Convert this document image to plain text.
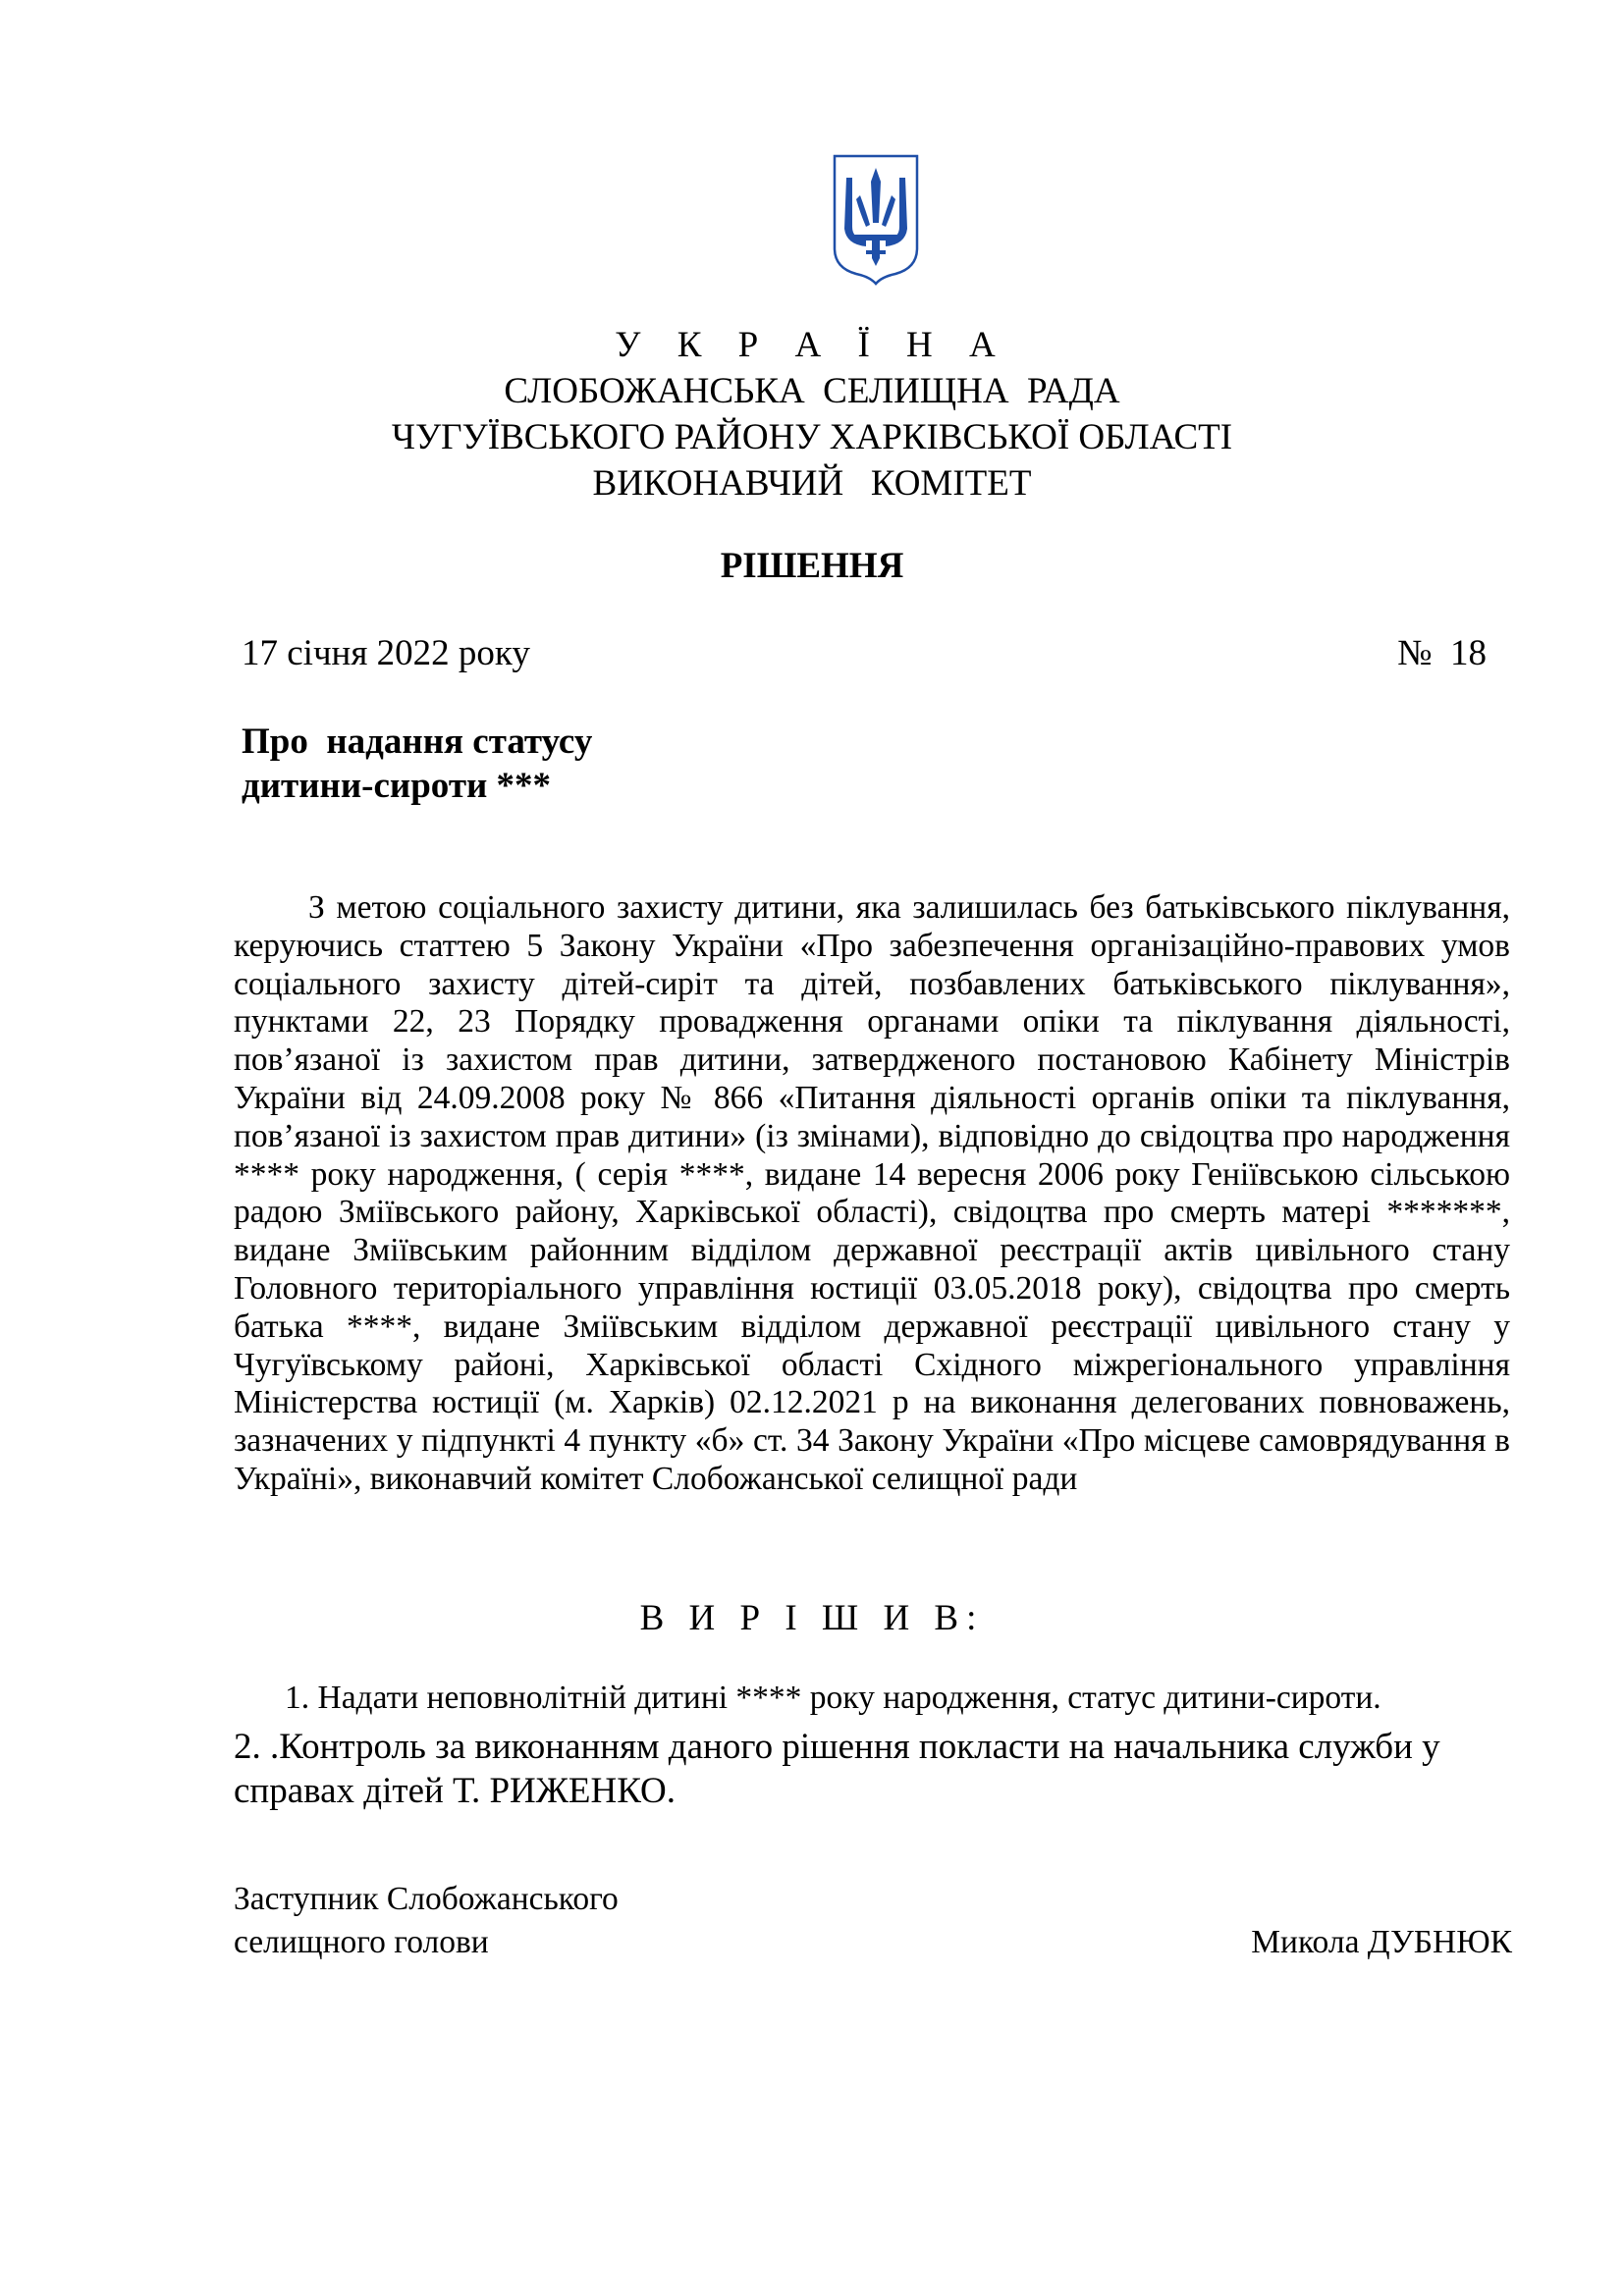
У К Р А Ї Н А
СЛОБОЖАНСЬКА  СЕЛИЩНА  РАДА
ЧУГУЇВСЬКОГО РАЙОНУ ХАРКІВСЬКОЇ ОБЛАСТІ
ВИКОНАВЧИЙ   КОМІТЕТ
РІШЕННЯ
17 січня 2022 року	№  18
Про  надання статусу
дитини-сироти ***

З метою соціального захисту дитини, яка залишилась без батьківського піклування, керуючись статтею 5 Закону України «Про забезпечення організаційно-правових умов соціального захисту дітей-сиріт та дітей, позбавлених батьківського піклування», пунктами 22, 23 Порядку провадження органами опіки та піклування діяльності, пов’язаної із захистом прав дитини, затвердженого постановою Кабінету Міністрів України від 24.09.2008 року № 866 «Питання діяльності органів опіки та піклування, пов’язаної із захистом прав дитини» (із змінами), відповідно до свідоцтва про народження **** року народження, ( серія ****, видане 14 вересня 2006 року Геніївською сільською радою Зміївського району, Харківської області), свідоцтва про смерть матері *******, видане Зміївським районним відділом державної реєстрації актів цивільного стану Головного територіального управління юстиції 03.05.2018 року), свідоцтва про смерть батька ****, видане Зміївським відділом державної реєстрації цивільного стану у Чугуївському районі, Харківської області Східного міжрегіонального управління Міністерства юстиції (м. Харків) 02.12.2021 р на виконання делегованих повноважень, зазначених у підпункті 4 пункту «б» ст. 34 Закону України «Про місцеве самоврядування в Україні», виконавчий комітет Слобожанської селищної ради

В И Р І Ш И В:
1. Надати неповнолітній дитині **** року народження, статус дитини-сироти.
2. .Контроль за виконанням даного рішення покласти на начальника служби у
справах дітей Т. РИЖЕНКО.
Заступник Слобожанського
селищного голови	Микола ДУБНЮК
